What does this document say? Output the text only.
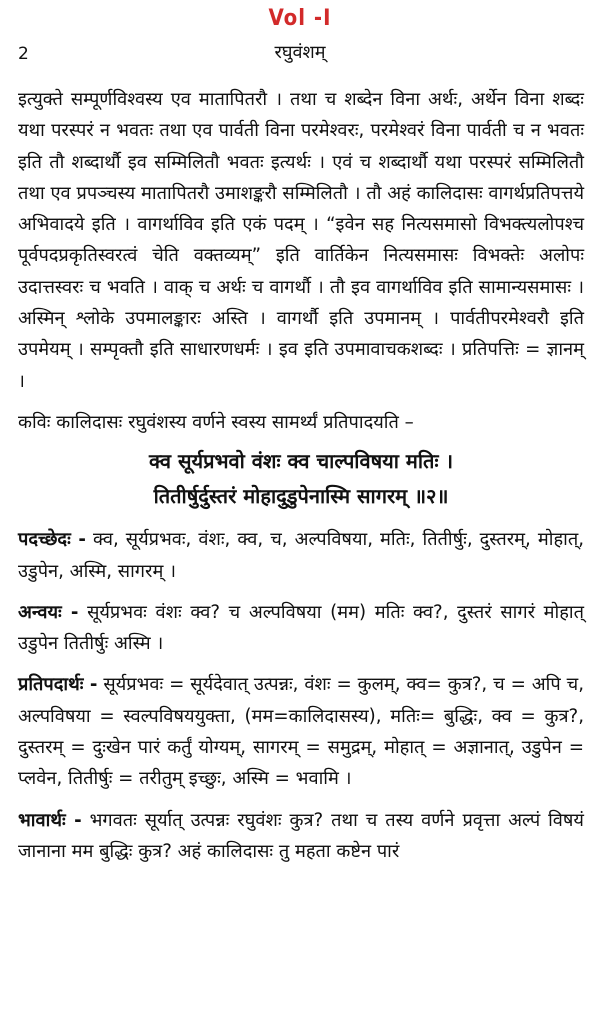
Vol -I
2	रघुवंशम्

इत्युक्ते सम्पूर्णविश्वस्य एव मातापितरौ । तथा च शब्देन विना अर्थः, अर्थेन विना शब्दः यथा परस्परं न भवतः तथा एव पार्वती विना परमेश्वरः, परमेश्वरं विना पार्वती च न भवतः इति तौ शब्दार्थौ इव सम्मिलितौ भवतः इत्यर्थः । एवं च शब्दार्थौ यथा परस्परं सम्मिलितौ तथा एव प्रपञ्चस्य मातापितरौ उमाशङ्करौ सम्मिलितौ । तौ अहं कालिदासः वागर्थप्रतिपत्तये अभिवादये इति । वागर्थाविव इति एकं पदम् । “इवेन सह नित्यसमासो विभक्त्यलोपश्च पूर्वपदप्रकृतिस्वरत्वं चेति वक्तव्यम्” इति वार्तिकेन नित्यसमासः विभक्तेः अलोपः उदात्तस्वरः च भवति । वाक् च अर्थः च वागर्थौ । तौ इव वागर्थाविव इति सामान्यसमासः । अस्मिन् श्लोके उपमालङ्कारः अस्ति । वागर्थौ इति उपमानम् । पार्वतीपरमेश्वरौ इति उपमेयम् । सम्पृक्तौ इति साधारणधर्मः । इव इति उपमावाचकशब्दः । प्रतिपत्तिः = ज्ञानम् ।

कविः कालिदासः रघुवंशस्य वर्णने स्वस्य सामर्थ्यं प्रतिपादयति –

क्व सूर्यप्रभवो वंशः क्व चाल्पविषया मतिः ।
तितीर्षुर्दुस्तरं मोहादुडुपेनास्मि सागरम् ॥२॥

पदच्छेदः - क्व, सूर्यप्रभवः, वंशः, क्व, च, अल्पविषया, मतिः, तितीर्षुः, दुस्तरम्, मोहात्, उडुपेन, अस्मि, सागरम् ।

अन्वयः - सूर्यप्रभवः वंशः क्व? च अल्पविषया (मम) मतिः क्व?, दुस्तरं सागरं मोहात् उडुपेन तितीर्षुः अस्मि ।

प्रतिपदार्थः - सूर्यप्रभवः = सूर्यदेवात् उत्पन्नः, वंशः = कुलम्, क्व= कुत्र?, च = अपि च, अल्पविषया = स्वल्पविषययुक्ता, (मम=कालिदासस्य), मतिः= बुद्धिः, क्व = कुत्र?, दुस्तरम् = दुःखेन पारं कर्तुं योग्यम्, सागरम् = समुद्रम्, मोहात् = अज्ञानात्, उडुपेन = प्लवेन, तितीर्षुः = तरीतुम् इच्छुः, अस्मि = भवामि ।

भावार्थः - भगवतः सूर्यात् उत्पन्नः रघुवंशः कुत्र? तथा च तस्य वर्णने प्रवृत्ता अल्पं विषयं जानाना मम बुद्धिः कुत्र? अहं कालिदासः तु महता कष्टेन पारं
